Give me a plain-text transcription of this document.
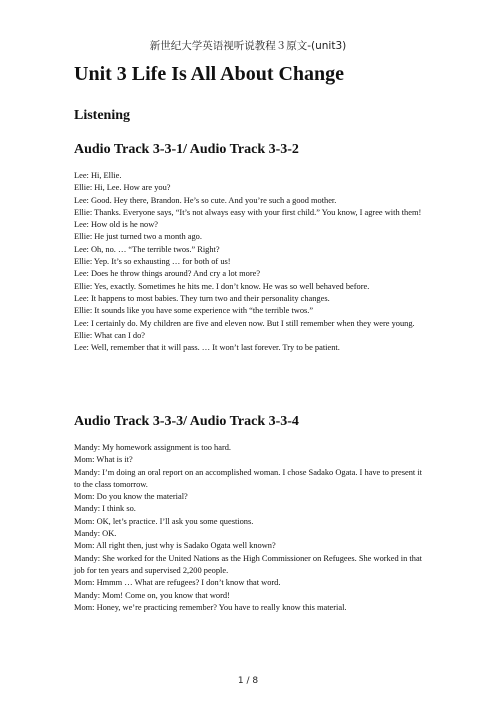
新世纪大学英语视听说教程３原文-(unit3)
Unit 3 Life Is All About Change
Listening
Audio Track 3-3-1/ Audio Track 3-3-2

Lee: Hi, Ellie.

Ellie: Hi, Lee. How are you?

Lee: Good. Hey there, Brandon. He’s so cute. And you’re such a good mother.

Ellie: Thanks. Everyone says, “It’s not always easy with your first child.” You know, I agree with them!

Lee: How old is he now?

Ellie: He just turned two a month ago.

Lee: Oh, no. … “The terrible twos.” Right?

Ellie: Yep. It’s so exhausting … for both of us!

Lee: Does he throw things around? And cry a lot more?

Ellie: Yes, exactly. Sometimes he hits me. I don’t know. He was so well behaved before.

Lee: It happens to most babies. They turn two and their personality changes.

Ellie: It sounds like you have some experience with “the terrible twos.”

Lee: I certainly do. My children are five and eleven now. But I still remember when they were young.

Ellie: What can I do?

Lee: Well, remember that it will pass. … It won’t last forever. Try to be patient.

Audio Track 3-3-3/ Audio Track 3-3-4

Mandy: My homework assignment is too hard.

Mom: What is it?

Mandy: I’m doing an oral report on an accomplished woman. I chose Sadako Ogata. I have to present it to the class tomorrow.

Mom: Do you know the material?

Mandy: I think so.

Mom: OK, let’s practice. I’ll ask you some questions.

Mandy: OK.

Mom: All right then, just why is Sadako Ogata well known?

Mandy: She worked for the United Nations as the High Commissioner on Refugees. She worked in that job for ten years and supervised 2,200 people.

Mom: Hmmm … What are refugees? I don’t know that word.

Mandy: Mom! Come on, you know that word!

Mom: Honey, we’re practicing remember? You have to really know this material.

1 / 8
